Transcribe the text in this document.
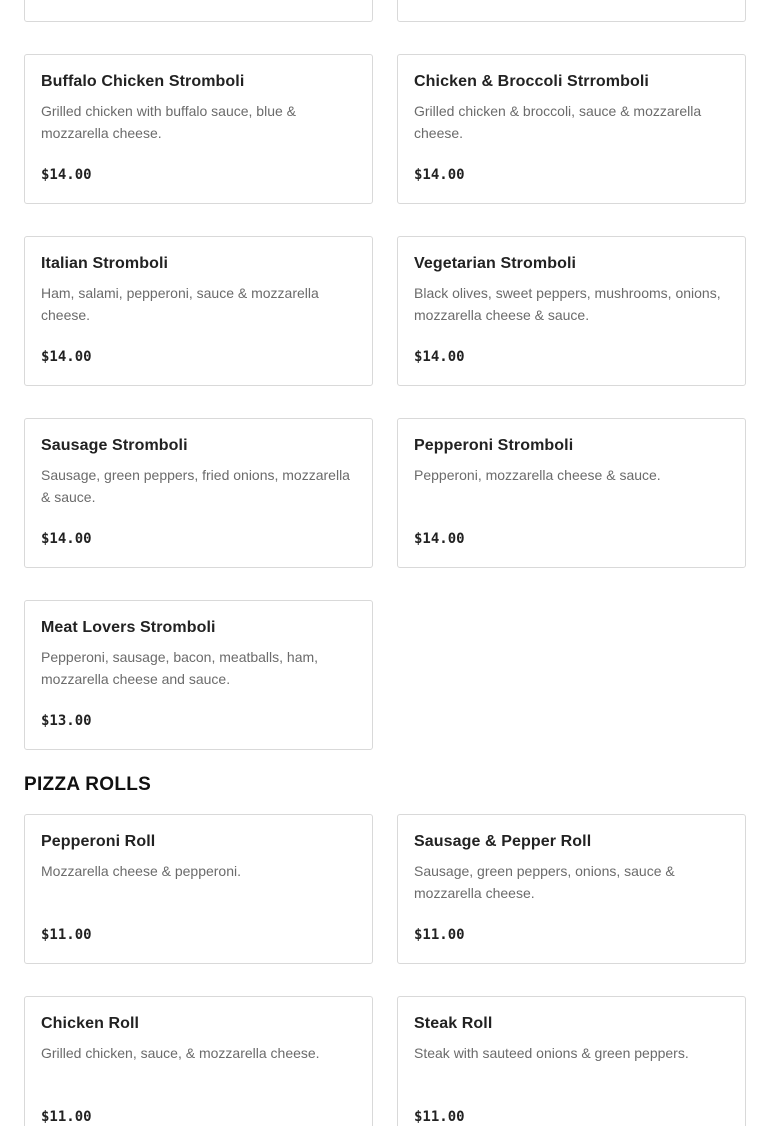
Buffalo Chicken Stromboli
Grilled chicken with buffalo sauce, blue & mozzarella cheese.
$14.00
Chicken & Broccoli Strromboli
Grilled chicken & broccoli, sauce & mozzarella cheese.
$14.00
Italian Stromboli
Ham, salami, pepperoni, sauce & mozzarella cheese.
$14.00
Vegetarian Stromboli
Black olives, sweet peppers, mushrooms, onions, mozzarella cheese & sauce.
$14.00
Sausage Stromboli
Sausage, green peppers, fried onions, mozzarella & sauce.
$14.00
Pepperoni Stromboli
Pepperoni, mozzarella cheese & sauce.
$14.00
Meat Lovers Stromboli
Pepperoni, sausage, bacon, meatballs, ham, mozzarella cheese and sauce.
$13.00
PIZZA ROLLS
Pepperoni Roll
Mozzarella cheese & pepperoni.
$11.00
Sausage & Pepper Roll
Sausage, green peppers, onions, sauce & mozzarella cheese.
$11.00
Chicken Roll
Grilled chicken, sauce, & mozzarella cheese.
$11.00
Steak Roll
Steak with sauteed onions & green peppers.
$11.00
